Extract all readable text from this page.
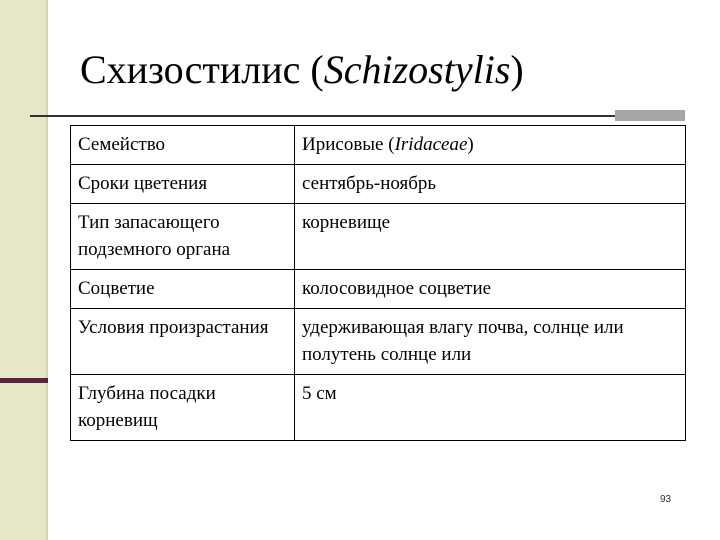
Схизостилис (Schizostylis)
Семейство	Ирисовые (Iridaceae)
Сроки цветения	сентябрь-ноябрь
Тип запасающего подземного органа	корневище
Соцветие	колосовидное соцветие
Условия произрастания	удерживающая влагу почва, солнце или полутень солнце или
Глубина посадки корневищ	5 см
93
